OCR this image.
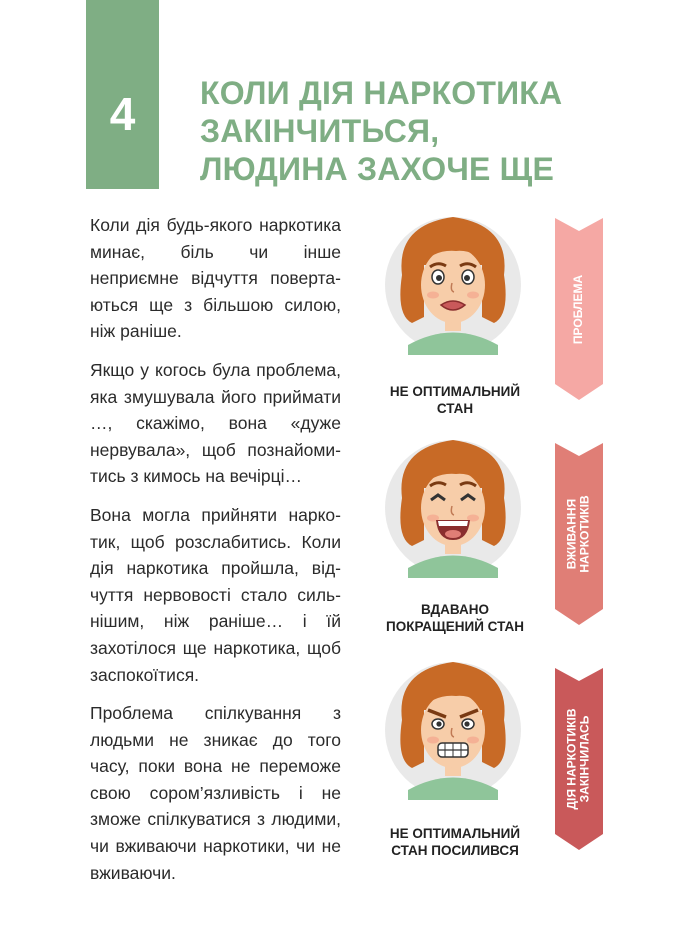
4 КОЛИ ДІЯ НАРКОТИКА
ЗАКІНЧИТЬСЯ,
ЛЮДИНА ЗАХОЧЕ ЩЕ

Коли дія будь-якого наркотика минає, біль чи інше неприємне відчуття повертаються ще з більшою силою, ніж раніше.

Якщо у когось була проблема, яка змушувала його приймати …, скажімо, вона «дуже нервувала», щоб познайомитись з кимось на вечірці…

Вона могла прийняти наркотик, щоб розслабитись. Коли дія наркотика пройшла, відчуття нервовості стало сильнішим, ніж раніше… і їй захотілося ще наркотика, щоб заспокоїтися.

Проблема спілкування з людьми не зникає до того часу, поки вона не переможе свою сором’язливість і не зможе спілкуватися з людими, чи вживаючи наркотики, чи не вживаючи.

НЕ ОПТИМАЛЬНИЙ
СТАН
ВДАВАНО
ПОКРАЩЕНИЙ СТАН
НЕ ОПТИМАЛЬНИЙ
СТАН ПОСИЛИВСЯ
ПРОБЛЕМА
ВЖИВАННЯ
НАРКОТИКІВ
ДІЯ НАРКОТИКІВ
ЗАКІНЧИЛАСЬ
